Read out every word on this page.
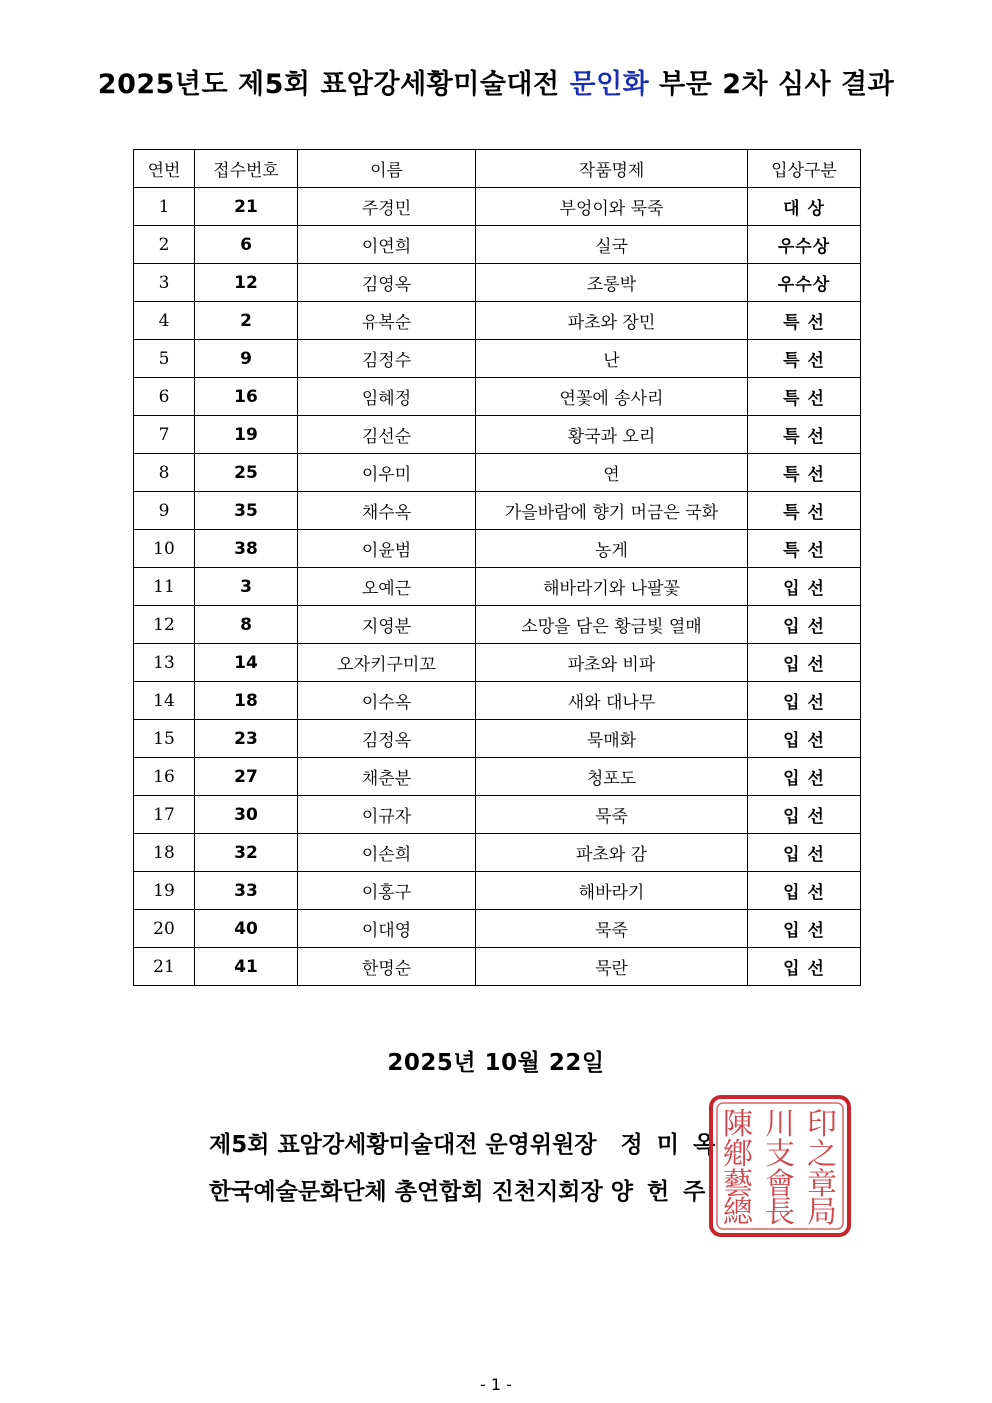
2025년도 제5회 표암강세황미술대전 문인화 부문 2차 심사 결과
연번	접수번호	이름	작품명제	입상구분
1	21	주경민	부엉이와 묵죽	대 상
2	6	이연희	실국	우수상
3	12	김영옥	조롱박	우수상
4	2	유복순	파초와 장민	특 선
5	9	김정수	난	특 선
6	16	임혜정	연꽃에 송사리	특 선
7	19	김선순	황국과 오리	특 선
8	25	이우미	연	특 선
9	35	채수옥	가을바람에 향기 머금은 국화	특 선
10	38	이윤범	농게	특 선
11	3	오예근	해바라기와 나팔꽃	입 선
12	8	지영분	소망을 담은 황금빛 열매	입 선
13	14	오자키구미꼬	파초와 비파	입 선
14	18	이수옥	새와 대나무	입 선
15	23	김정옥	묵매화	입 선
16	27	채춘분	청포도	입 선
17	30	이규자	묵죽	입 선
18	32	이손희	파초와 감	입 선
19	33	이홍구	해바라기	입 선
20	40	이대영	묵죽	입 선
21	41	한명순	묵란	입 선
2025년 10월 22일
제5회 표암강세황미술대전 운영위원장 정미옥
한국예술문화단체 총연합회 진천지회장 양헌주
陳
鄕
藝
總
川
支
會
長
印
之
章
局
- 1 -
